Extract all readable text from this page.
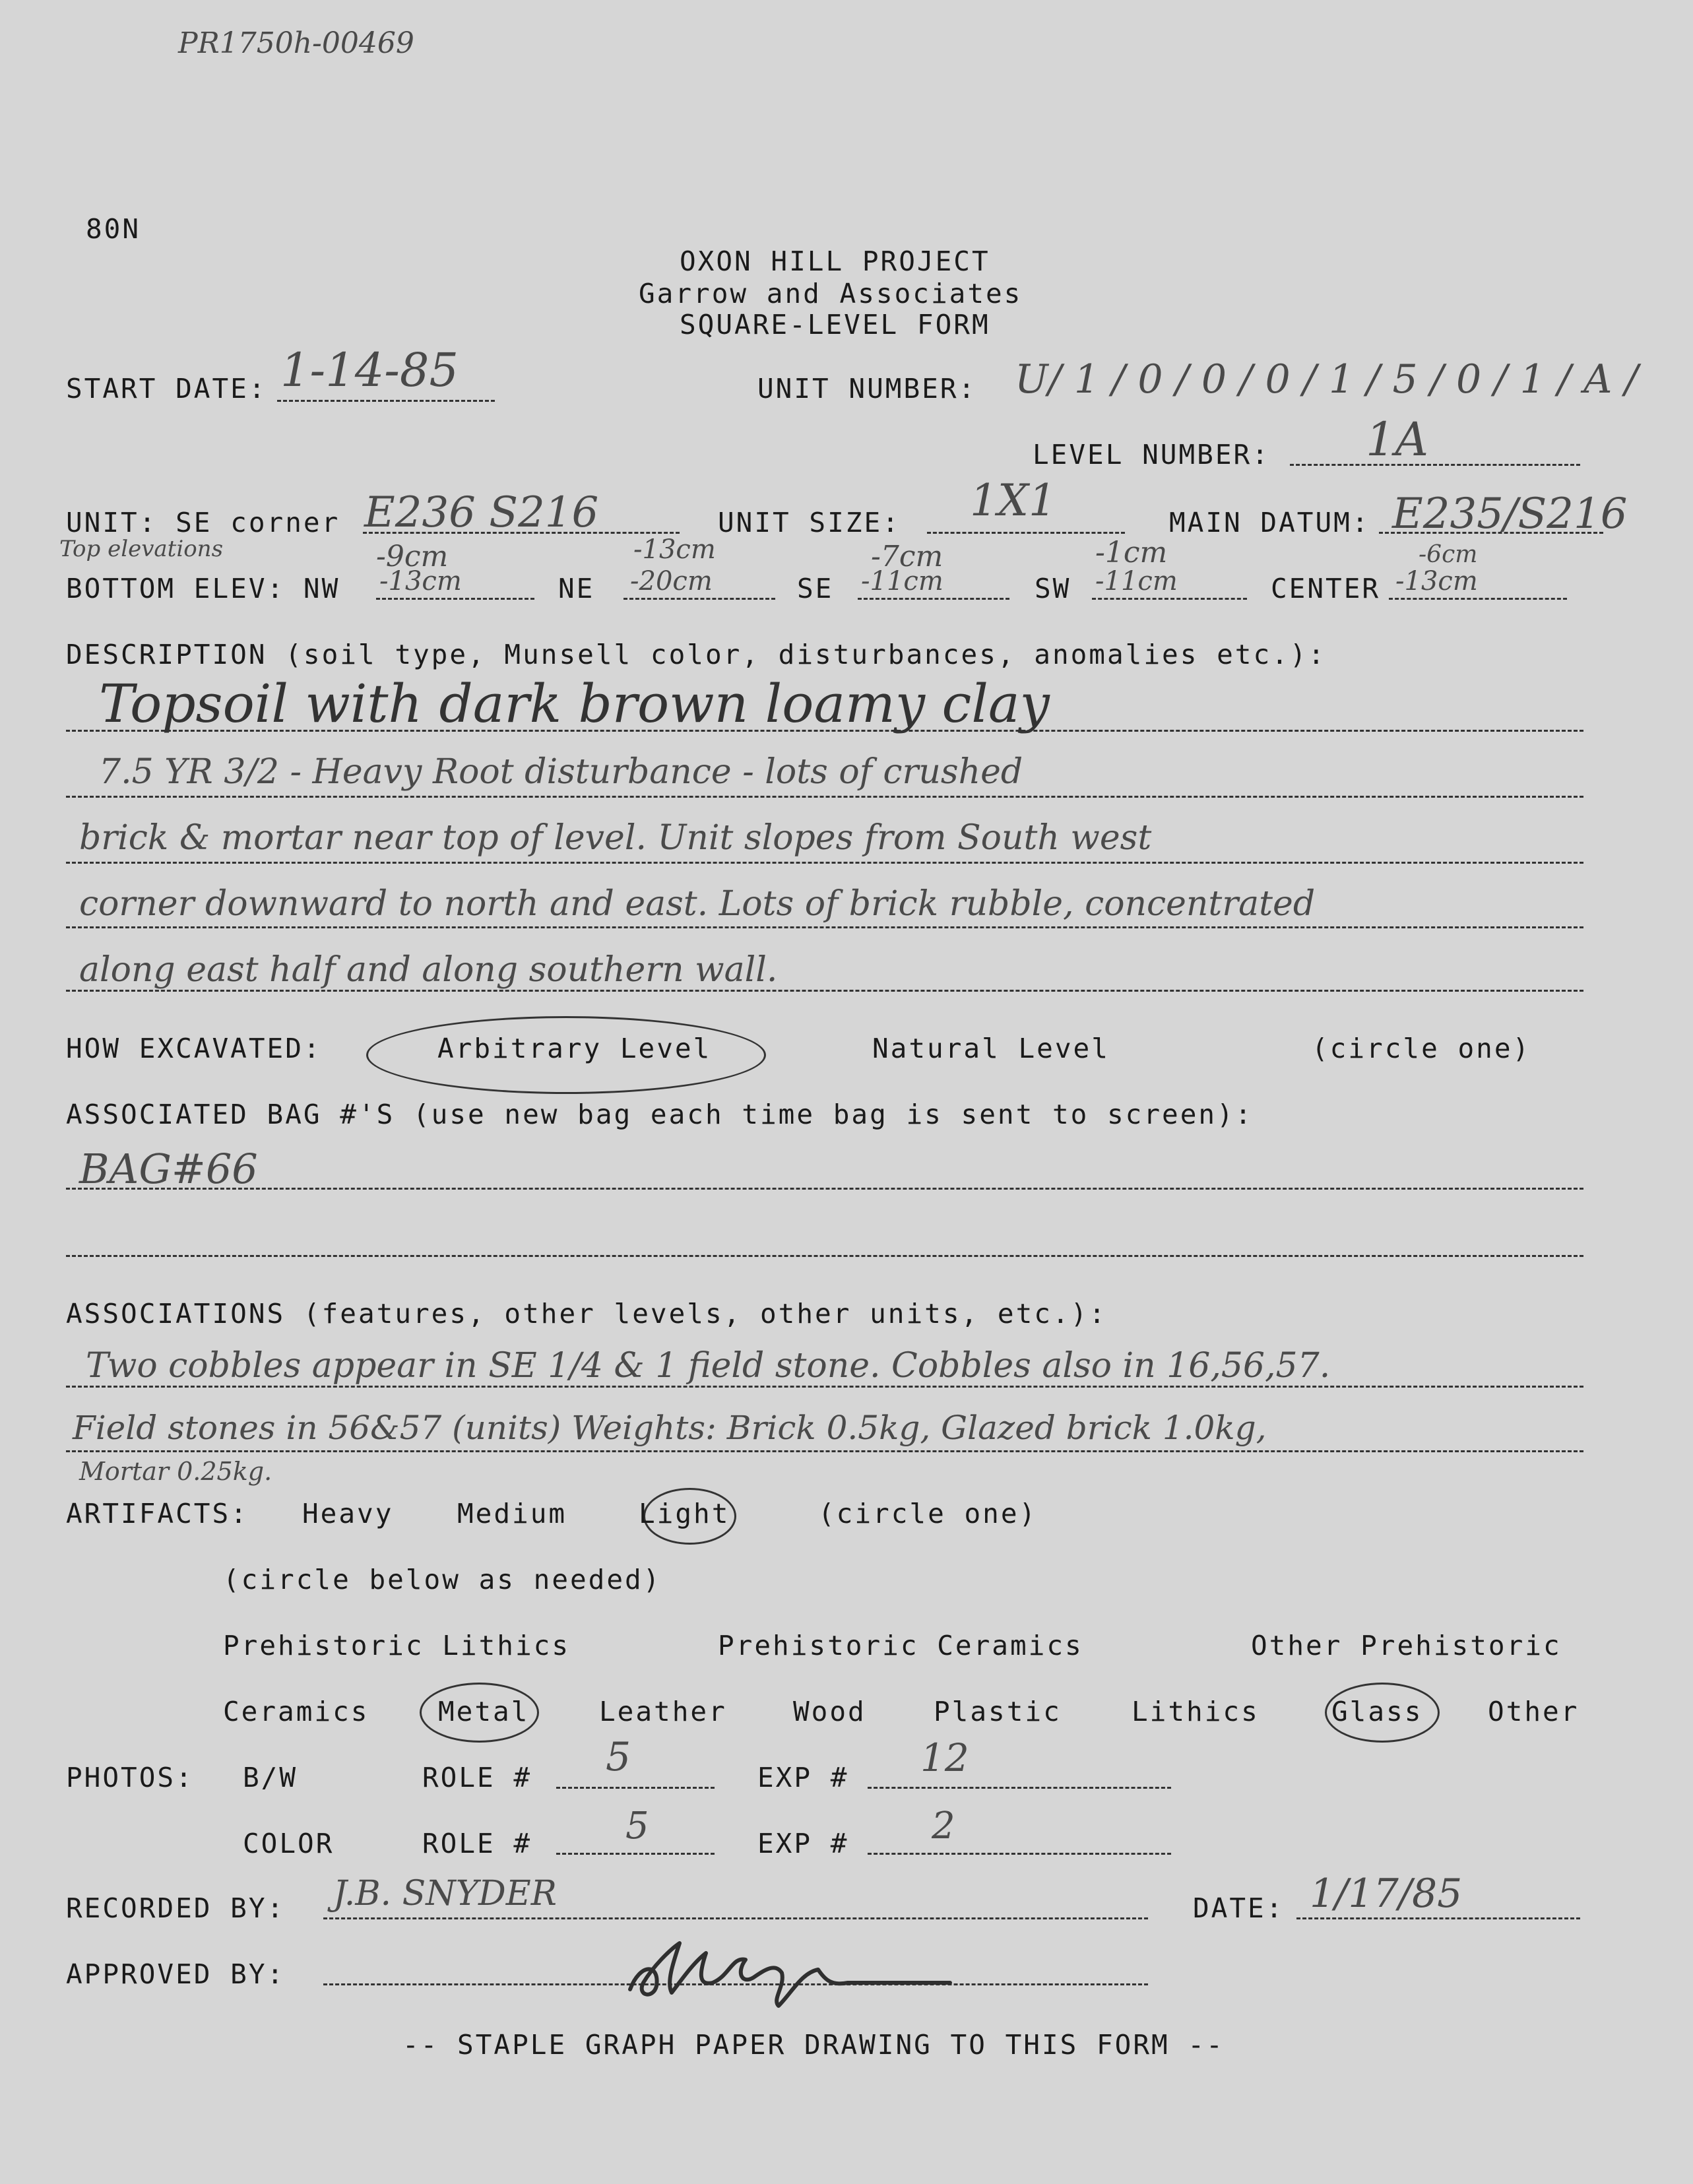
PR1750h-00469
80N
OXON HILL PROJECT
Garrow and Associates
SQUARE-LEVEL FORM
START DATE: 1-14-85	UNIT NUMBER: U/ 1 / 0 / 0 / 0 / 1 / 5 / 0 / 1 / A /
LEVEL NUMBER: 1A
UNIT: SE corner E236 S216	UNIT SIZE: 1X1	MAIN DATUM: E235/S216
Top elevations	-9cm	-13cm	-7cm	-1cm	-6cm
BOTTOM ELEV: NW -13cm	NE -20cm	SE -11cm	SW -11cm	CENTER -13cm
DESCRIPTION (soil type, Munsell color, disturbances, anomalies etc.):
Topsoil with dark brown loamy clay
7.5 YR 3/2 - Heavy Root disturbance - lots of crushed
brick & mortar near top of level. Unit slopes from South west
corner downward to north and east. Lots of brick rubble, concentrated
along east half and along southern wall.
HOW EXCAVATED:	Arbitrary Level	Natural Level	(circle one)
ASSOCIATED BAG #'S (use new bag each time bag is sent to screen):
BAG#66
ASSOCIATIONS (features, other levels, other units, etc.):
Two cobbles appear in SE 1/4 & 1 field stone. Cobbles also in 16,56,57.
Field stones in 56&57 (units) Weights: Brick 0.5kg, Glazed brick 1.0kg,
Mortar 0.25kg.
ARTIFACTS: Heavy Medium	Light	(circle one)
(circle below as needed)
Prehistoric Lithics	Prehistoric Ceramics	Other Prehistoric
Ceramics	Metal	Leather Wood Plastic	Lithics	Glass Other
PHOTOS: B/W	ROLE # 5	EXP # 12
COLOR	ROLE #	5	EXP # 2
RECORDED BY: J.B. SNYDER	DATE: 1/17/85
APPROVED BY:
-- STAPLE GRAPH PAPER DRAWING TO THIS FORM --
